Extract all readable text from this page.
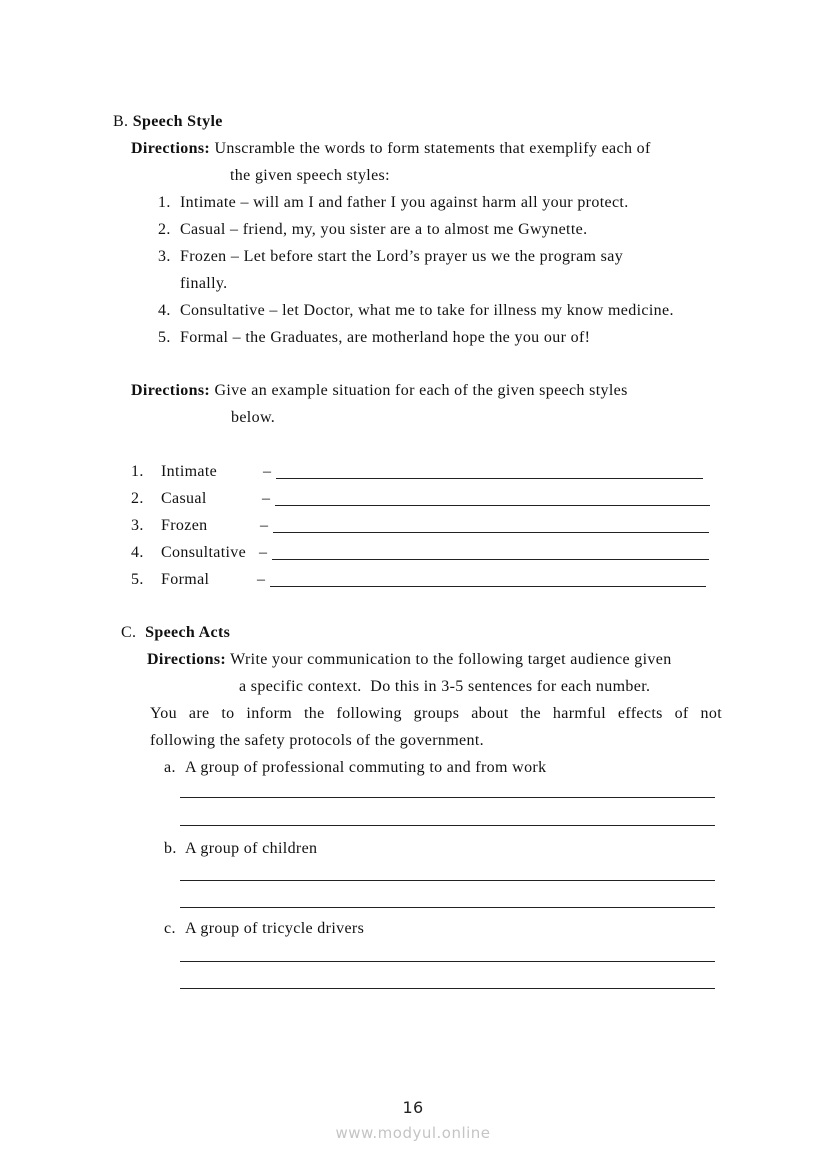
B. Speech Style
Directions: Unscramble the words to form statements that exemplify each of
the given speech styles:
1. Intimate – will am I and father I you against harm all your protect.
2. Casual – friend, my, you sister are a to almost me Gwynette.
3. Frozen – Let before start the Lord’s prayer us we the program say
finally.
4. Consultative – let Doctor, what me to take for illness my know medicine.
5. Formal – the Graduates, are motherland hope the you our of!
Directions: Give an example situation for each of the given speech styles
below.
1. Intimate	–
2. Casual	–
3. Frozen	–
4. Consultative –
5. Formal	–
C. Speech Acts
Directions: Write your communication to the following target audience given
a specific context.  Do this in 3-5 sentences for each number.
You are to inform the following groups about the harmful effects of not
following the safety protocols of the government.
a. A group of professional commuting to and from work
b. A group of children
c. A group of tricycle drivers
16
www.modyul.online
